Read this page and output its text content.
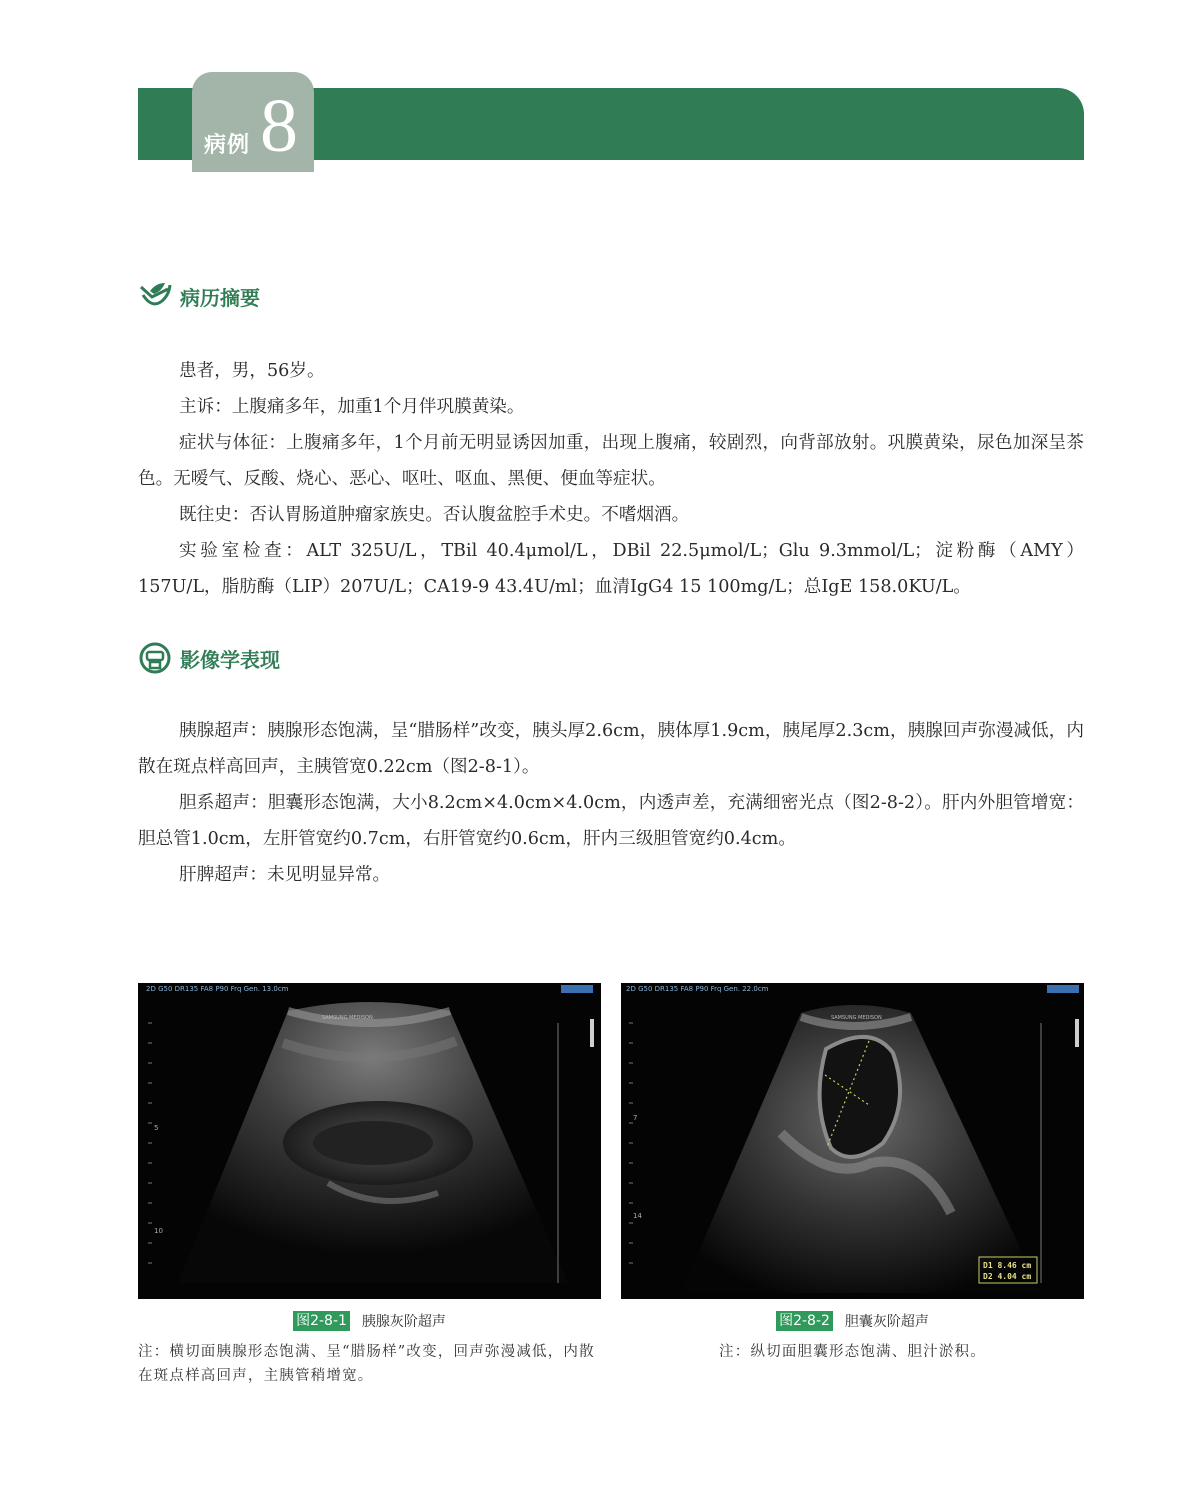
病例 8
病历摘要

患者，男，56岁。

主诉：上腹痛多年，加重1个月伴巩膜黄染。

症状与体征：上腹痛多年，1个月前无明显诱因加重，出现上腹痛，较剧烈，向背部放射。巩膜黄染，尿色加深呈茶色。无嗳气、反酸、烧心、恶心、呕吐、呕血、黑便、便血等症状。

既往史：否认胃肠道肿瘤家族史。否认腹盆腔手术史。不嗜烟酒。

实验室检查：ALT 325U/L，TBil 40.4μmol/L，DBil 22.5μmol/L；Glu 9.3mmol/L；淀粉酶（AMY）157U/L，脂肪酶（LIP）207U/L；CA19-9 43.4U/ml；血清IgG4 15 100mg/L；总IgE 158.0KU/L。

影像学表现

胰腺超声：胰腺形态饱满，呈“腊肠样”改变，胰头厚2.6cm，胰体厚1.9cm，胰尾厚2.3cm，胰腺回声弥漫减低，内散在斑点样高回声，主胰管宽0.22cm（图2-8-1）。

胆系超声：胆囊形态饱满，大小8.2cm×4.0cm×4.0cm，内透声差，充满细密光点（图2-8-2）。肝内外胆管增宽：胆总管1.0cm，左肝管宽约0.7cm，右肝管宽约0.6cm，肝内三级胆管宽约0.4cm。

肝脾超声：未见明显异常。

2D G50 DR135 FA8 P90 Frq Gen. 13.0cm
SAMSUNG MEDISON
5
10
2D G50 DR135 FA8 P90 Frq Gen. 22.0cm
SAMSUNG MEDISON
7
14
D1 8.46 cm
D2 4.04 cm
图2-8-1 胰腺灰阶超声	图2-8-2 胆囊灰阶超声

注：横切面胰腺形态饱满、呈“腊肠样”改变，回声弥漫减低，内散在斑点样高回声，主胰管稍增宽。

注：纵切面胆囊形态饱满、胆汁淤积。
